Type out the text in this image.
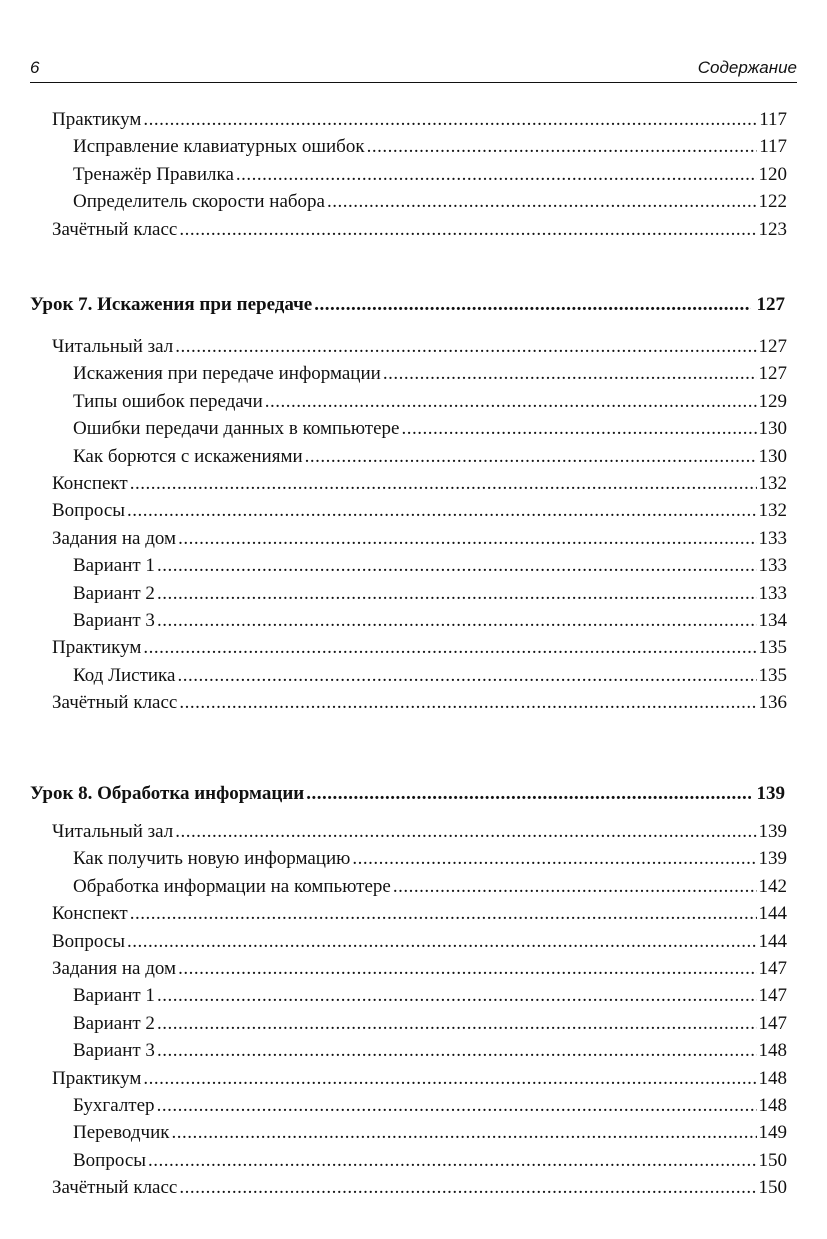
6	Содержание
Практикум .....	117
Исправление клавиатурных ошибок .....	117
Тренажёр Правилка .....	120
Определитель скорости набора .....	122
Зачётный класс .....	123
Урок 7. Искажения при передаче .....	127
Читальный зал .....	127
Искажения при передаче информации .....	127
Типы ошибок передачи .....	129
Ошибки передачи данных в компьютере .....	130
Как борются с искажениями .....	130
Конспект .....	132
Вопросы .....	132
Задания на дом .....	133
Вариант 1 .....	133
Вариант 2 .....	133
Вариант 3 .....	134
Практикум .....	135
Код Листика .....	135
Зачётный класс .....	136
Урок 8. Обработка информации .....	139
Читальный зал .....	139
Как получить новую информацию .....	139
Обработка информации на компьютере .....	142
Конспект .....	144
Вопросы .....	144
Задания на дом .....	147
Вариант 1 .....	147
Вариант 2 .....	147
Вариант 3 .....	148
Практикум .....	148
Бухгалтер .....	148
Переводчик .....	149
Вопросы .....	150
Зачётный класс .....	150
